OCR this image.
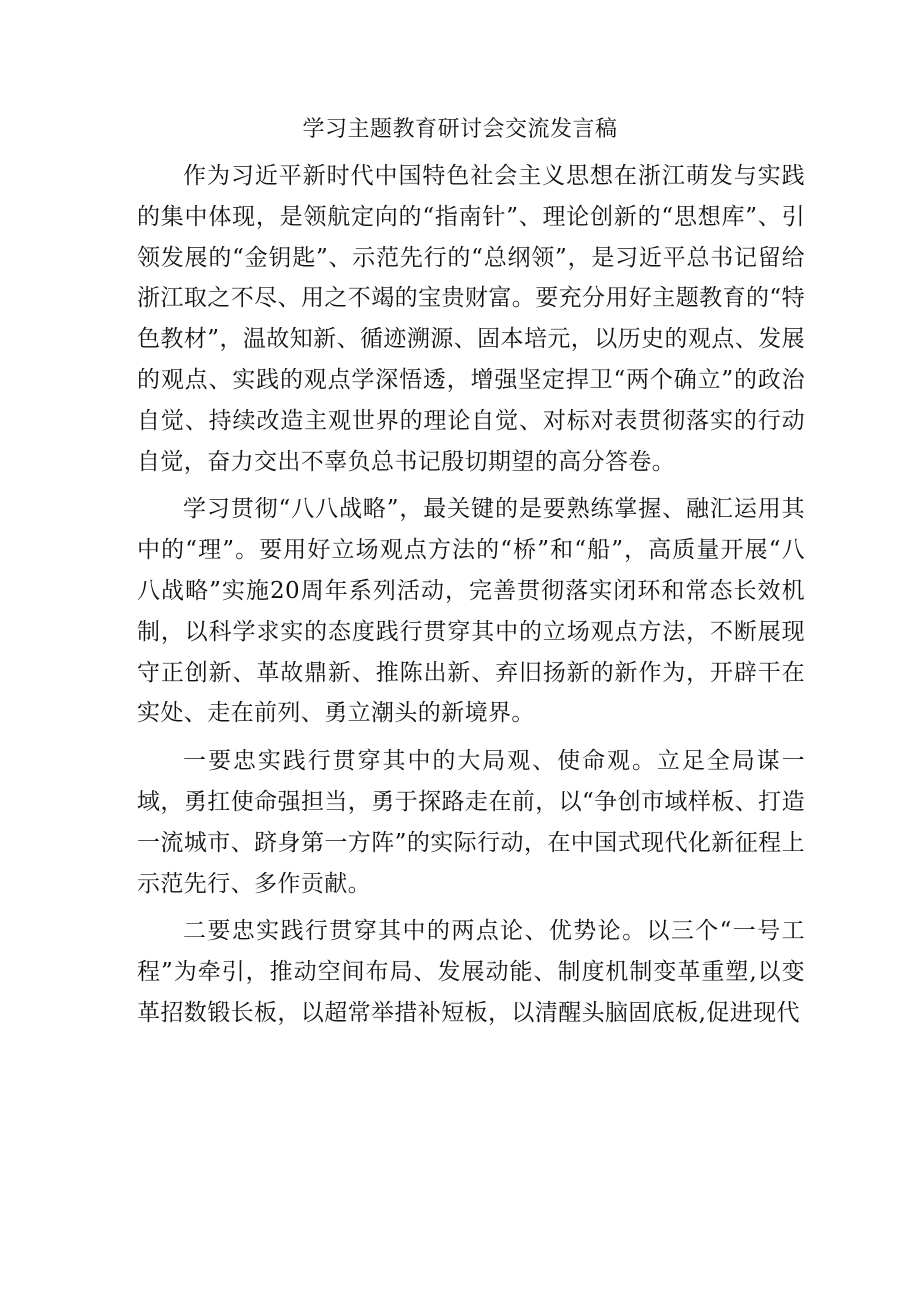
学习主题教育研讨会交流发言稿

作为习近平新时代中国特色社会主义思想在浙江萌发与实践的集中体现，是领航定向的“指南针”、理论创新的“思想库”、引领发展的“金钥匙”、示范先行的“总纲领”，是习近平总书记留给浙江取之不尽、用之不竭的宝贵财富。要充分用好主题教育的“特色教材”，温故知新、循迹溯源、固本培元，以历史的观点、发展的观点、实践的观点学深悟透，增强坚定捍卫“两个确立”的政治自觉、持续改造主观世界的理论自觉、对标对表贯彻落实的行动自觉，奋力交出不辜负总书记殷切期望的高分答卷。

学习贯彻“八八战略”，最关键的是要熟练掌握、融汇运用其中的“理”。要用好立场观点方法的“桥”和“船”，高质量开展“八八战略”实施20周年系列活动，完善贯彻落实闭环和常态长效机制，以科学求实的态度践行贯穿其中的立场观点方法，不断展现守正创新、革故鼎新、推陈出新、弃旧扬新的新作为，开辟干在实处、走在前列、勇立潮头的新境界。

一要忠实践行贯穿其中的大局观、使命观。立足全局谋一域，勇扛使命强担当，勇于探路走在前，以“争创市域样板、打造一流城市、跻身第一方阵”的实际行动，在中国式现代化新征程上示范先行、多作贡献。

二要忠实践行贯穿其中的两点论、优势论。以三个“一号工程”为牵引，推动空间布局、发展动能、制度机制变革重塑,以变革招数锻长板，以超常举措补短板，以清醒头脑固底板,促进现代
